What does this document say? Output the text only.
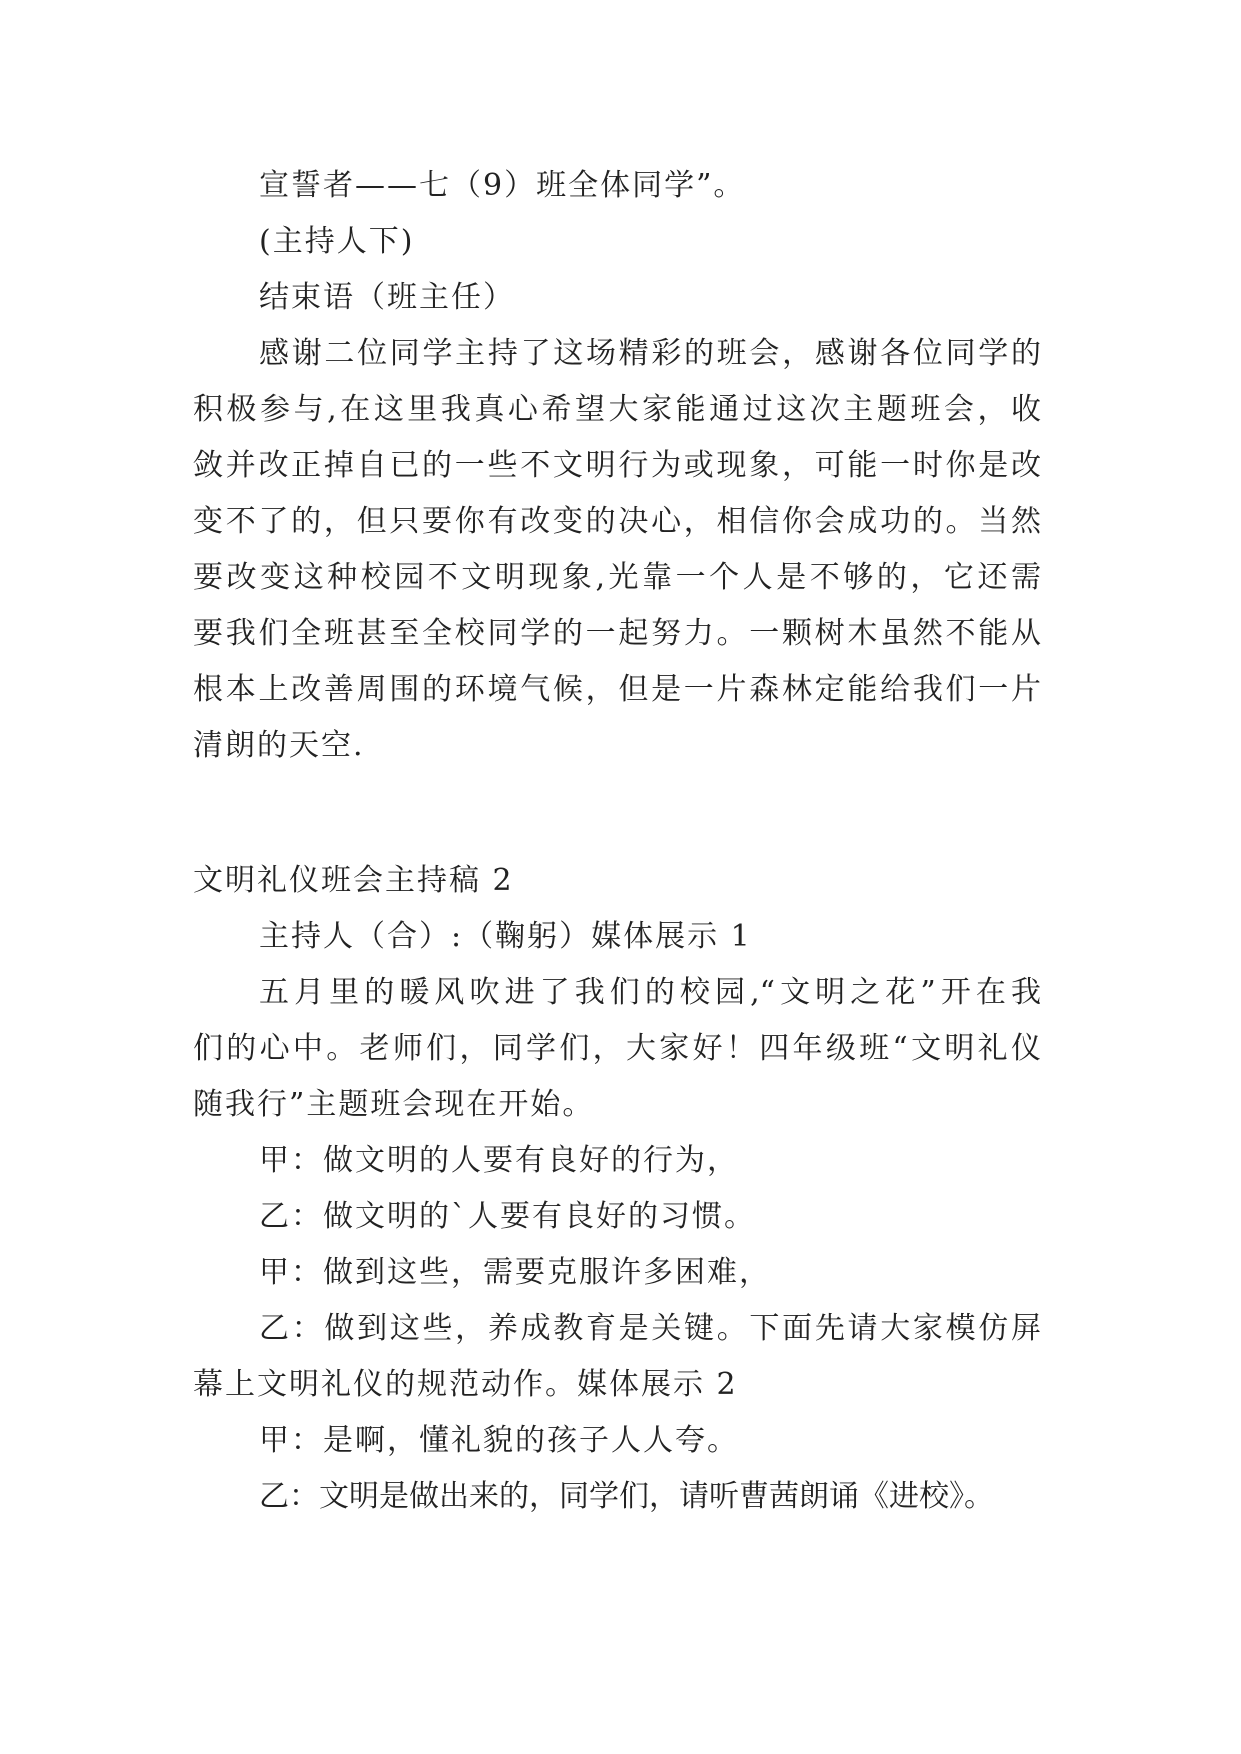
宣誓者——七（9）班全体同学”。
(主持人下)
结束语（班主任）
感谢二位同学主持了这场精彩的班会，感谢各位同学的
积极参与,在这里我真心希望大家能通过这次主题班会，收
敛并改正掉自已的一些不文明行为或现象，可能一时你是改
变不了的，但只要你有改变的决心，相信你会成功的。当然
要改变这种校园不文明现象,光靠一个人是不够的，它还需
要我们全班甚至全校同学的一起努力。一颗树木虽然不能从
根本上改善周围的环境气候，但是一片森林定能给我们一片
清朗的天空.
文明礼仪班会主持稿 2
主持人（合）:（鞠躬）媒体展示 1
五月里的暖风吹进了我们的校园,“文明之花”开在我
们的心中。老师们，同学们，大家好！四年级班“文明礼仪
随我行”主题班会现在开始。
甲：做文明的人要有良好的行为，
乙：做文明的`人要有良好的习惯。
甲：做到这些，需要克服许多困难，
乙：做到这些，养成教育是关键。下面先请大家模仿屏
幕上文明礼仪的规范动作。媒体展示 2
甲：是啊，懂礼貌的孩子人人夸。
乙：文明是做出来的，同学们，请听曹茜朗诵《进校》。
